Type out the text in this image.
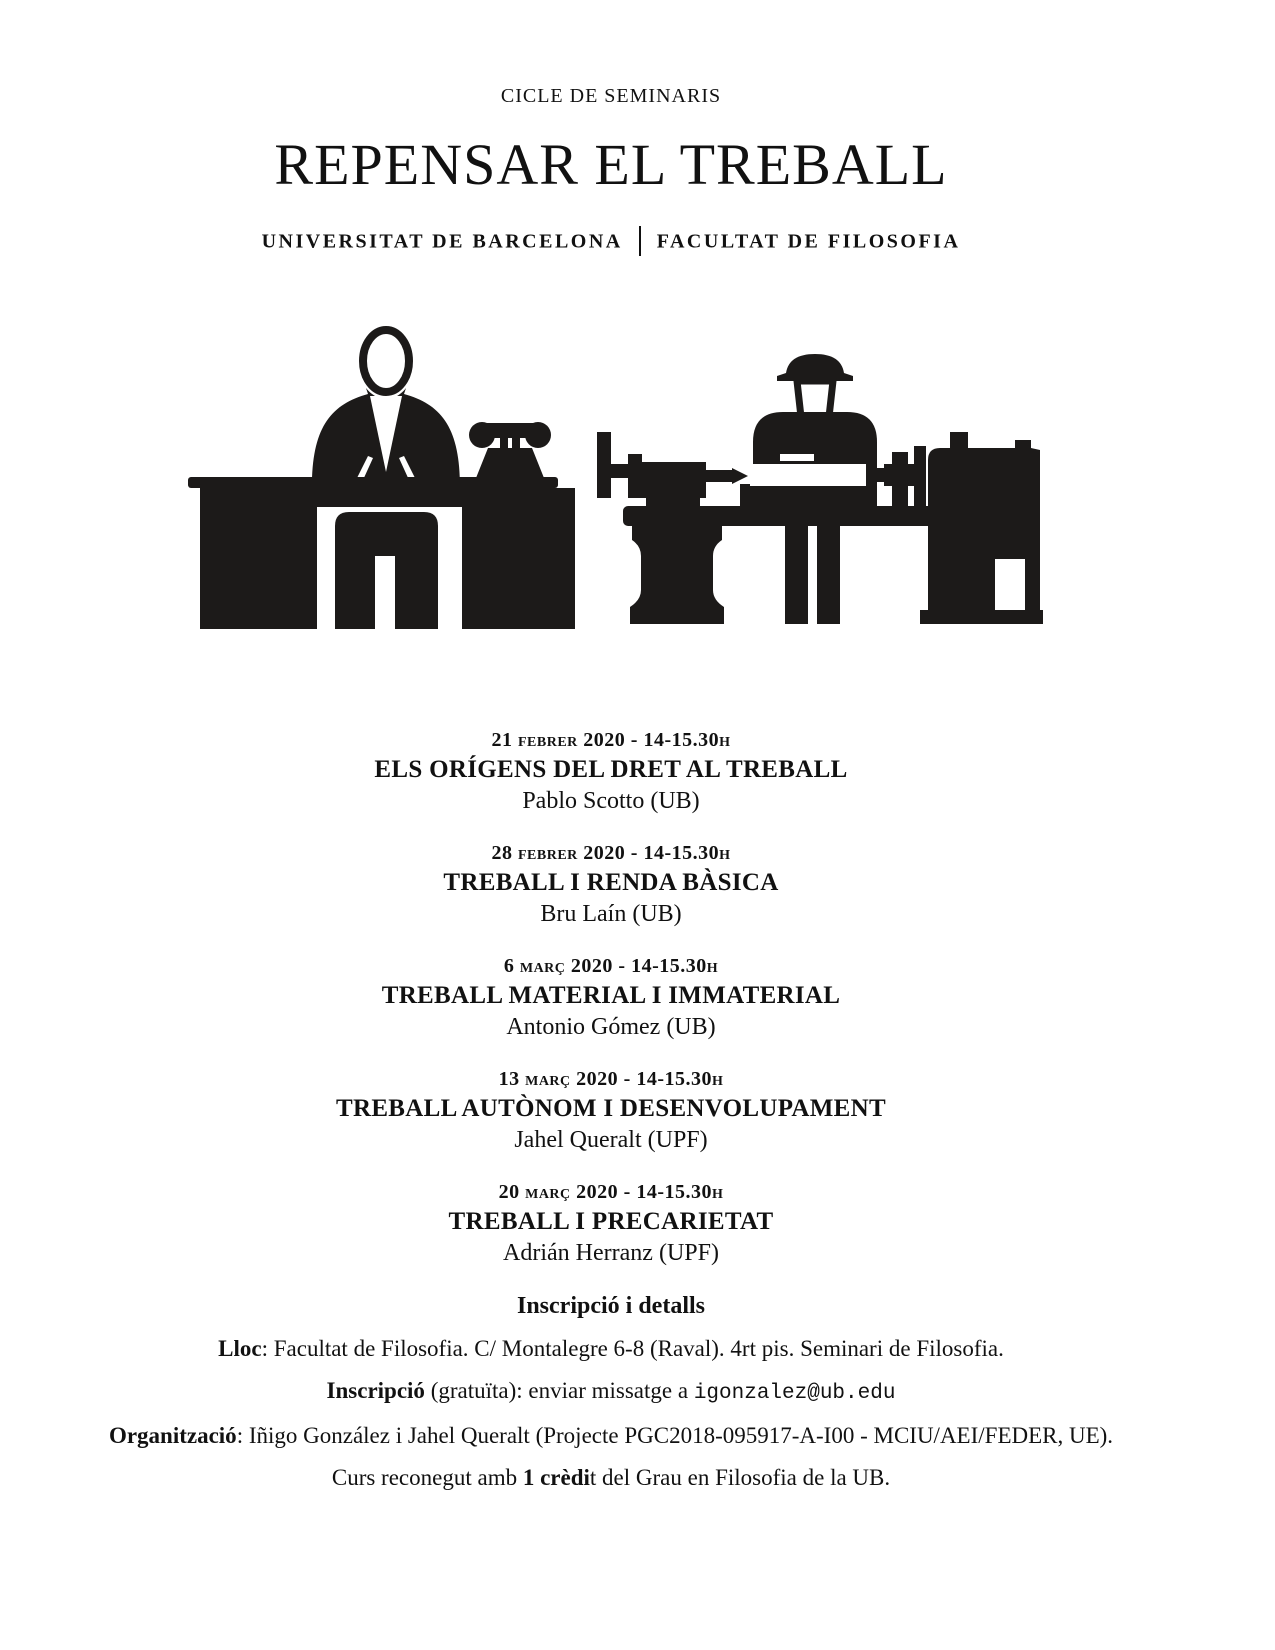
CICLE DE SEMINARIS
REPENSAR EL TREBALL
UNIVERSITAT DE BARCELONA FACULTAT DE FILOSOFIA
21 febrer 2020 - 14-15.30h
ELS ORÍGENS DEL DRET AL TREBALL
Pablo Scotto (UB)
28 febrer 2020 - 14-15.30h
TREBALL I RENDA BÀSICA
Bru Laín (UB)
6 març 2020 - 14-15.30h
TREBALL MATERIAL I IMMATERIAL
Antonio Gómez (UB)
13 març 2020 - 14-15.30h
TREBALL AUTÒNOM I DESENVOLUPAMENT
Jahel Queralt (UPF)
20 març 2020 - 14-15.30h
TREBALL I PRECARIETAT
Adrián Herranz (UPF)
Inscripció i detalls

Lloc: Facultat de Filosofia. C/ Montalegre 6-8 (Raval). 4rt pis. Seminari de Filosofia.

Inscripció (gratuïta): enviar missatge a igonzalez@ub.edu

Organització: Iñigo González i Jahel Queralt (Projecte PGC2018-095917-A-I00 - MCIU/AEI/FEDER, UE).

Curs reconegut amb 1 crèdit del Grau en Filosofia de la UB.
